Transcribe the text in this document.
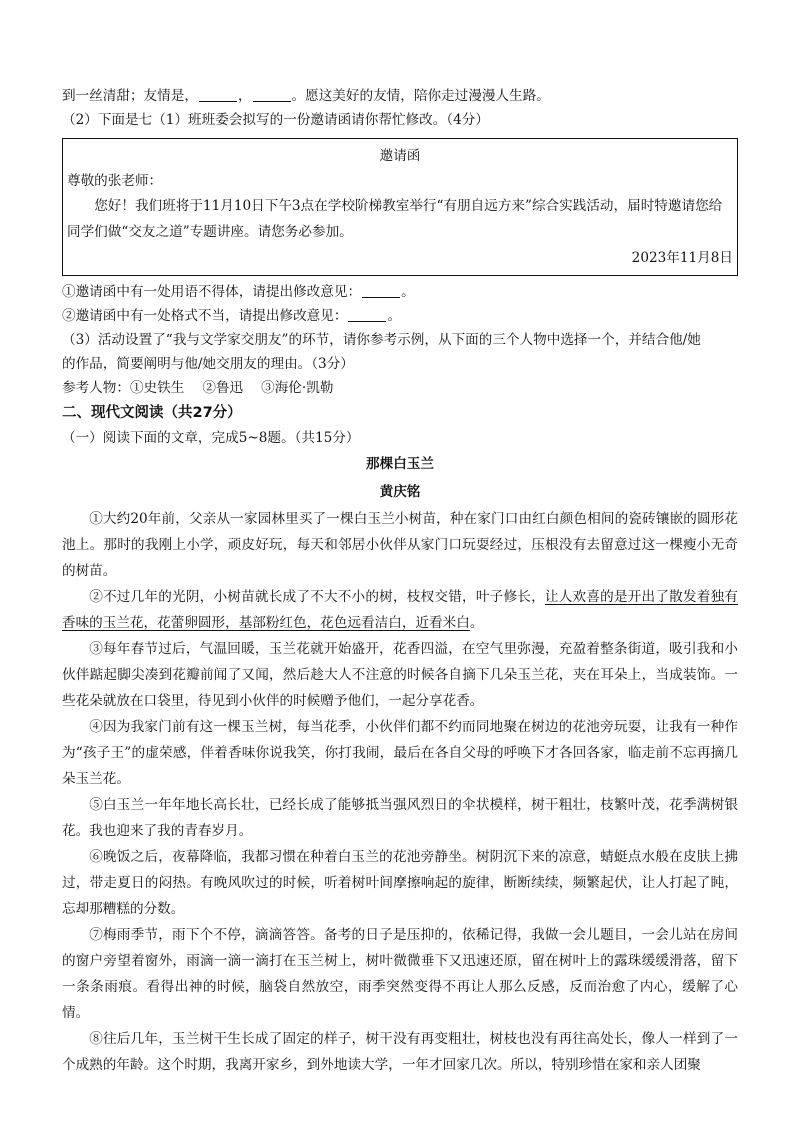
到一丝清甜；友情是，	，	。愿这美好的友情，陪你走过漫漫人生路。
（2）下面是七（1）班班委会拟写的一份邀请函请你帮忙修改。（4分）
邀请函
尊敬的张老师：

您好！我们班将于11月10日下午3点在学校阶梯教室举行“有朋自远方来”综合实践活动，届时特邀请您给同学们做“交友之道”专题讲座。请您务必参加。

2023年11月8日
①邀请函中有一处用语不得体，请提出修改意见：	。
②邀请函中有一处格式不当，请提出修改意见：	。
（3）活动设置了“我与文学家交朋友”的环节，请你参考示例，从下面的三个人物中选择一个，并结合他/她
的作品，简要阐明与他/她交朋友的理由。（3分）
参考人物：①史铁生 ②鲁迅 ③海伦·凯勒
二、现代文阅读（共27分）
（一）阅读下面的文章，完成5~8题。（共15分）
那棵白玉兰
黄庆铭

①大约20年前，父亲从一家园林里买了一棵白玉兰小树苗，种在家门口由红白颜色相间的瓷砖镶嵌的圆形花池上。那时的我刚上小学，顽皮好玩，每天和邻居小伙伴从家门口玩耍经过，压根没有去留意过这一棵瘦小无奇的树苗。

②不过几年的光阴，小树苗就长成了不大不小的树，枝杈交错，叶子修长，让人欢喜的是开出了散发着独有香味的玉兰花，花蕾卵圆形，基部粉红色，花色远看洁白，近看米白。

③每年春节过后，气温回暖，玉兰花就开始盛开，花香四溢，在空气里弥漫，充盈着整条街道，吸引我和小伙伴踮起脚尖凑到花瓣前闻了又闻，然后趁大人不注意的时候各自摘下几朵玉兰花，夹在耳朵上，当成装饰。一些花朵就放在口袋里，待见到小伙伴的时候赠予他们，一起分享花香。

④因为我家门前有这一棵玉兰树，每当花季，小伙伴们都不约而同地聚在树边的花池旁玩耍，让我有一种作为“孩子王”的虚荣感，伴着香味你说我笑，你打我闹，最后在各自父母的呼唤下才各回各家，临走前不忘再摘几朵玉兰花。

⑤白玉兰一年年地长高长壮，已经长成了能够抵当强风烈日的伞状模样，树干粗壮，枝繁叶茂，花季满树银花。我也迎来了我的青春岁月。

⑥晚饭之后，夜幕降临，我都习惯在种着白玉兰的花池旁静坐。树阴沉下来的凉意，蜻蜓点水般在皮肤上拂过，带走夏日的闷热。有晚风吹过的时候，听着树叶间摩擦响起的旋律，断断续续，频繁起伏，让人打起了盹，忘却那糟糕的分数。

⑦梅雨季节，雨下个不停，滴滴答答。备考的日子是压抑的，依稀记得，我做一会儿题目，一会儿站在房间的窗户旁望着窗外，雨滴一滴一滴打在玉兰树上，树叶微微垂下又迅速还原，留在树叶上的露珠缓缓滑落，留下一条条雨痕。看得出神的时候，脑袋自然放空，雨季突然变得不再让人那么反感，反而治愈了内心，缓解了心情。

⑧往后几年，玉兰树干生长成了固定的样子，树干没有再变粗壮，树枝也没有再往高处长，像人一样到了一个成熟的年龄。这个时期，我离开家乡，到外地读大学，一年才回家几次。所以，特别珍惜在家和亲人团聚
